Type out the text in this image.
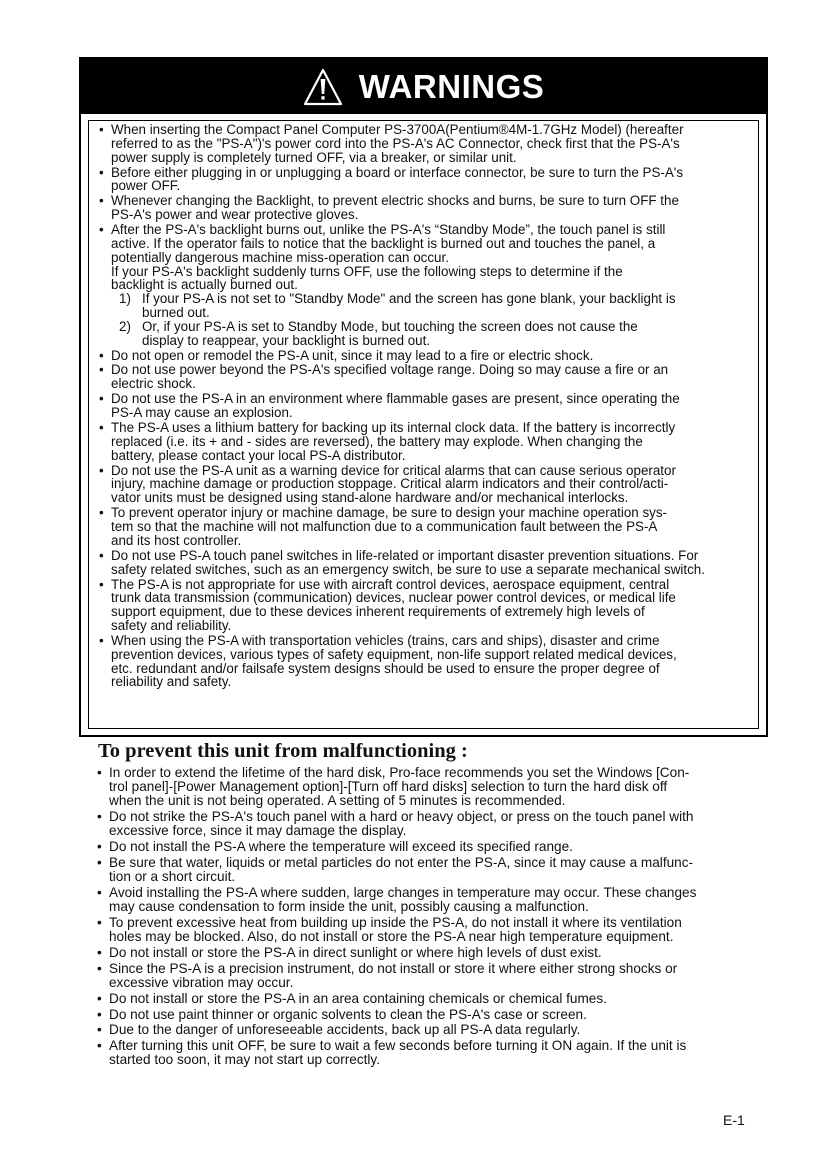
WARNINGS
• When inserting the Compact Panel Computer PS-3700A(Pentium®4M-1.7GHz Model) (hereafter
referred to as the "PS-A")'s power cord into the PS-A's AC Connector, check first that the PS-A's
power supply is completely turned OFF, via a breaker, or similar unit.
• Before either plugging in or unplugging a board or interface connector, be sure to turn the PS-A's
power OFF.
• Whenever changing the Backlight, to prevent electric shocks and burns, be sure to turn OFF the
PS-A's power and wear protective gloves.
• After the PS-A's backlight burns out, unlike the PS-A's “Standby Mode”, the touch panel is still
active. If the operator fails to notice that the backlight is burned out and touches the panel, a
potentially dangerous machine miss-operation can occur.
If your PS-A's backlight suddenly turns OFF, use the following steps to determine if the
backlight is actually burned out.
1) If your PS-A is not set to "Standby Mode" and the screen has gone blank, your backlight is
burned out.
2) Or, if your PS-A is set to Standby Mode, but touching the screen does not cause the
display to reappear, your backlight is burned out.
• Do not open or remodel the PS-A unit, since it may lead to a fire or electric shock.
• Do not use power beyond the PS-A's specified voltage range. Doing so may cause a fire or an
electric shock.
• Do not use the PS-A in an environment where flammable gases are present, since operating the
PS-A may cause an explosion.
• The PS-A uses a lithium battery for backing up its internal clock data. If the battery is incorrectly
replaced (i.e. its + and - sides are reversed), the battery may explode. When changing the
battery, please contact your local PS-A distributor.
• Do not use the PS-A unit as a warning device for critical alarms that can cause serious operator
injury, machine damage or production stoppage. Critical alarm indicators and their control/acti-
vator units must be designed using stand-alone hardware and/or mechanical interlocks.
• To prevent operator injury or machine damage, be sure to design your machine operation sys-
tem so that the machine will not malfunction due to a communication fault between the PS-A
and its host controller.
• Do not use PS-A touch panel switches in life-related or important disaster prevention situations. For
safety related switches, such as an emergency switch, be sure to use a separate mechanical switch.
• The PS-A is not appropriate for use with aircraft control devices, aerospace equipment, central
trunk data transmission (communication) devices, nuclear power control devices, or medical life
support equipment, due to these devices inherent requirements of extremely high levels of
safety and reliability.
• When using the PS-A with transportation vehicles (trains, cars and ships), disaster and crime
prevention devices, various types of safety equipment, non-life support related medical devices,
etc. redundant and/or failsafe system designs should be used to ensure the proper degree of
reliability and safety.
To prevent this unit from malfunctioning :
• In order to extend the lifetime of the hard disk, Pro-face recommends you set the Windows [Con-
trol panel]-[Power Management option]-[Turn off hard disks] selection to turn the hard disk off
when the unit is not being operated. A setting of 5 minutes is recommended.
• Do not strike the PS-A's touch panel with a hard or heavy object, or press on the touch panel with
excessive force, since it may damage the display.
• Do not install the PS-A where the temperature will exceed its specified range.
• Be sure that water, liquids or metal particles do not enter the PS-A, since it may cause a malfunc-
tion or a short circuit.
• Avoid installing the PS-A where sudden, large changes in temperature may occur. These changes
may cause condensation to form inside the unit, possibly causing a malfunction.
• To prevent excessive heat from building up inside the PS-A, do not install it where its ventilation
holes may be blocked. Also, do not install or store the PS-A near high temperature equipment.
• Do not install or store the PS-A in direct sunlight or where high levels of dust exist.
• Since the PS-A is a precision instrument, do not install or store it where either strong shocks or
excessive vibration may occur.
• Do not install or store the PS-A in an area containing chemicals or chemical fumes.
• Do not use paint thinner or organic solvents to clean the PS-A's case or screen.
• Due to the danger of unforeseeable accidents, back up all PS-A data regularly.
• After turning this unit OFF, be sure to wait a few seconds before turning it ON again. If the unit is
started too soon, it may not start up correctly.
E-1
